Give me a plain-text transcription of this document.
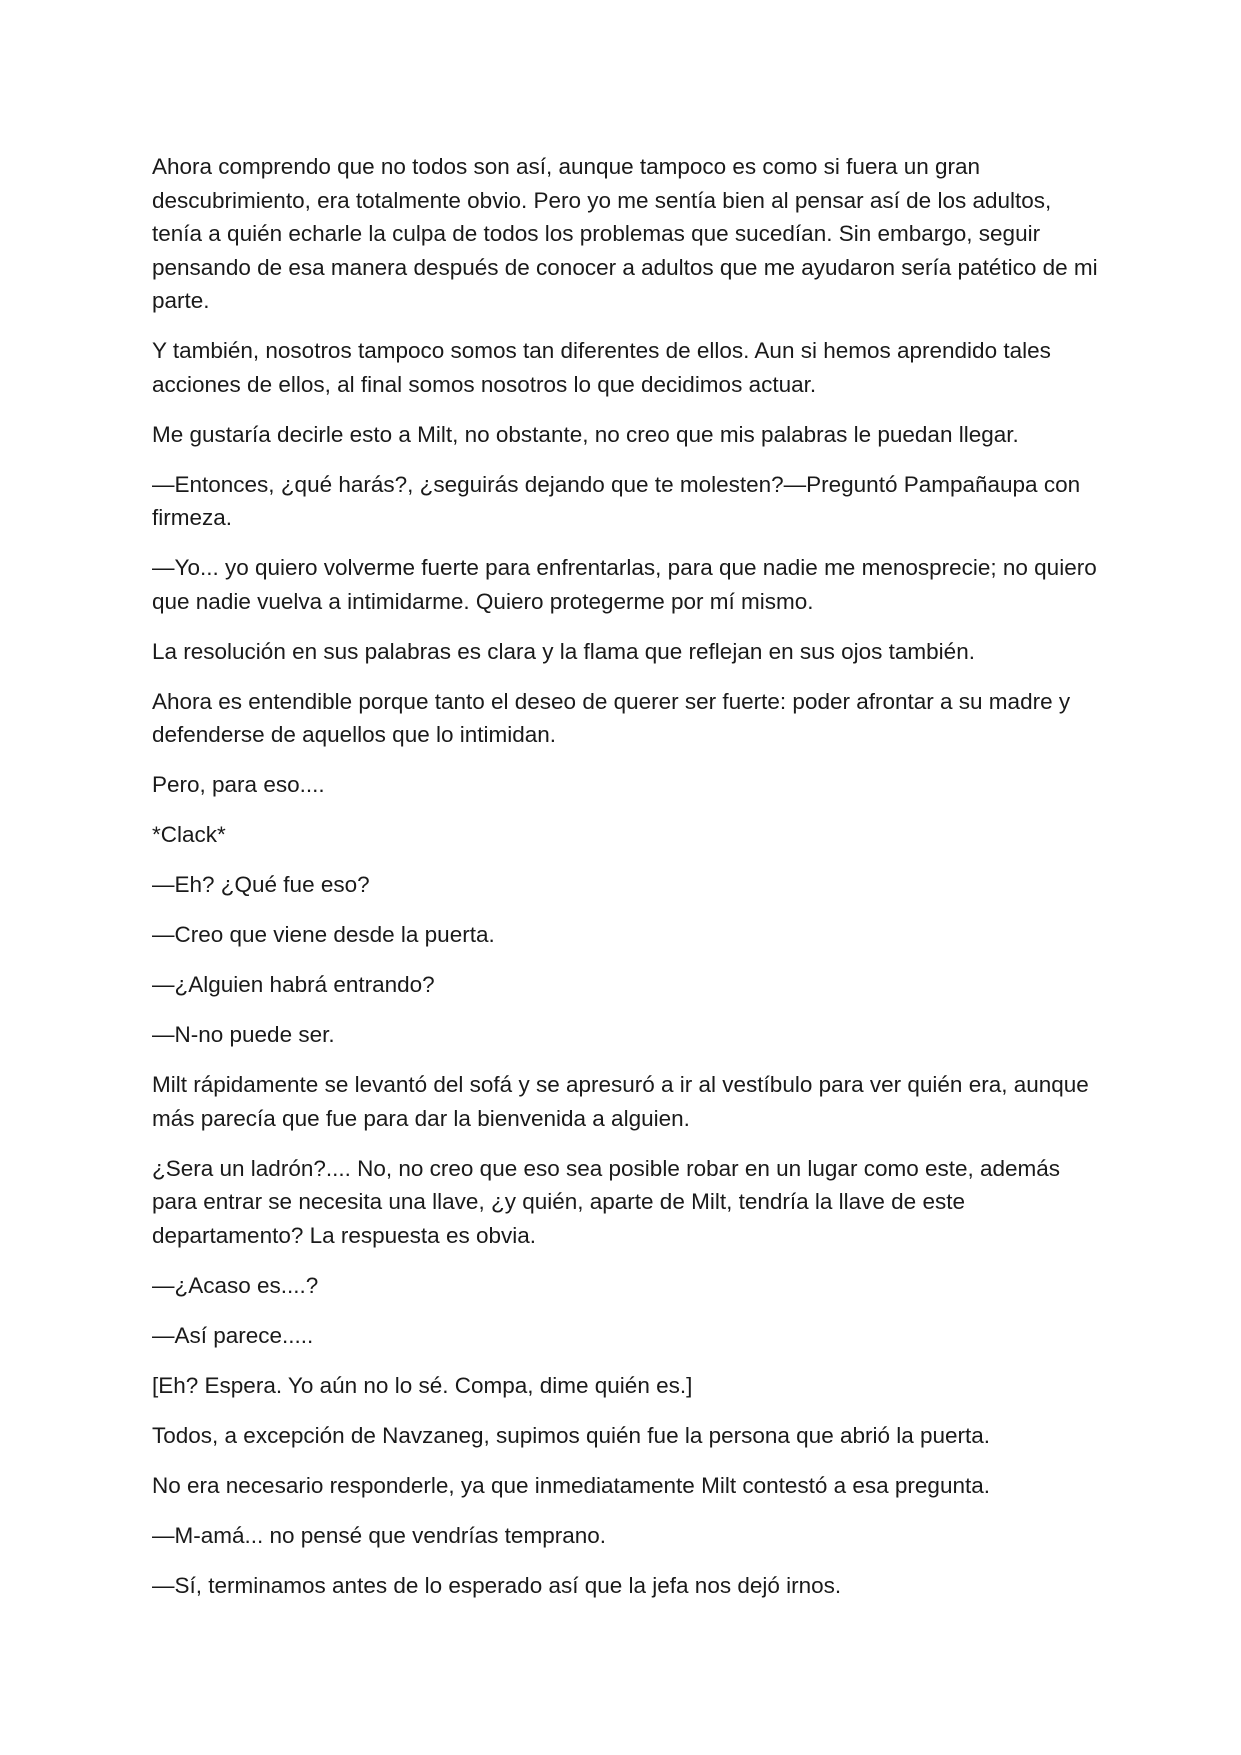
Ahora comprendo que no todos son así, aunque tampoco es como si fuera un gran descubrimiento, era totalmente obvio. Pero yo me sentía bien al pensar así de los adultos, tenía a quién echarle la culpa de todos los problemas que sucedían. Sin embargo, seguir pensando de esa manera después de conocer a adultos que me ayudaron sería patético de mi parte.

Y también, nosotros tampoco somos tan diferentes de ellos. Aun si hemos aprendido tales acciones de ellos, al final somos nosotros lo que decidimos actuar.

Me gustaría decirle esto a Milt, no obstante, no creo que mis palabras le puedan llegar.

—Entonces, ¿qué harás?, ¿seguirás dejando que te molesten?—Preguntó Pampañaupa con firmeza.

—Yo... yo quiero volverme fuerte para enfrentarlas, para que nadie me menosprecie; no quiero que nadie vuelva a intimidarme. Quiero protegerme por mí mismo.

La resolución en sus palabras es clara y la flama que reflejan en sus ojos también.

Ahora es entendible porque tanto el deseo de querer ser fuerte: poder afrontar a su madre y defenderse de aquellos que lo intimidan.

Pero, para eso....

*Clack*

—Eh? ¿Qué fue eso?

—Creo que viene desde la puerta.

—¿Alguien habrá entrando?

—N-no puede ser.

Milt rápidamente se levantó del sofá y se apresuró a ir al vestíbulo para ver quién era, aunque más parecía que fue para dar la bienvenida a alguien.

¿Sera un ladrón?.... No, no creo que eso sea posible robar en un lugar como este, además para entrar se necesita una llave, ¿y quién, aparte de Milt, tendría la llave de este departamento? La respuesta es obvia.

—¿Acaso es....?

—Así parece.....

[Eh? Espera. Yo aún no lo sé. Compa, dime quién es.]

Todos, a excepción de Navzaneg, supimos quién fue la persona que abrió la puerta.

No era necesario responderle, ya que inmediatamente Milt contestó a esa pregunta.

—M-amá... no pensé que vendrías temprano.

—Sí, terminamos antes de lo esperado así que la jefa nos dejó irnos.
